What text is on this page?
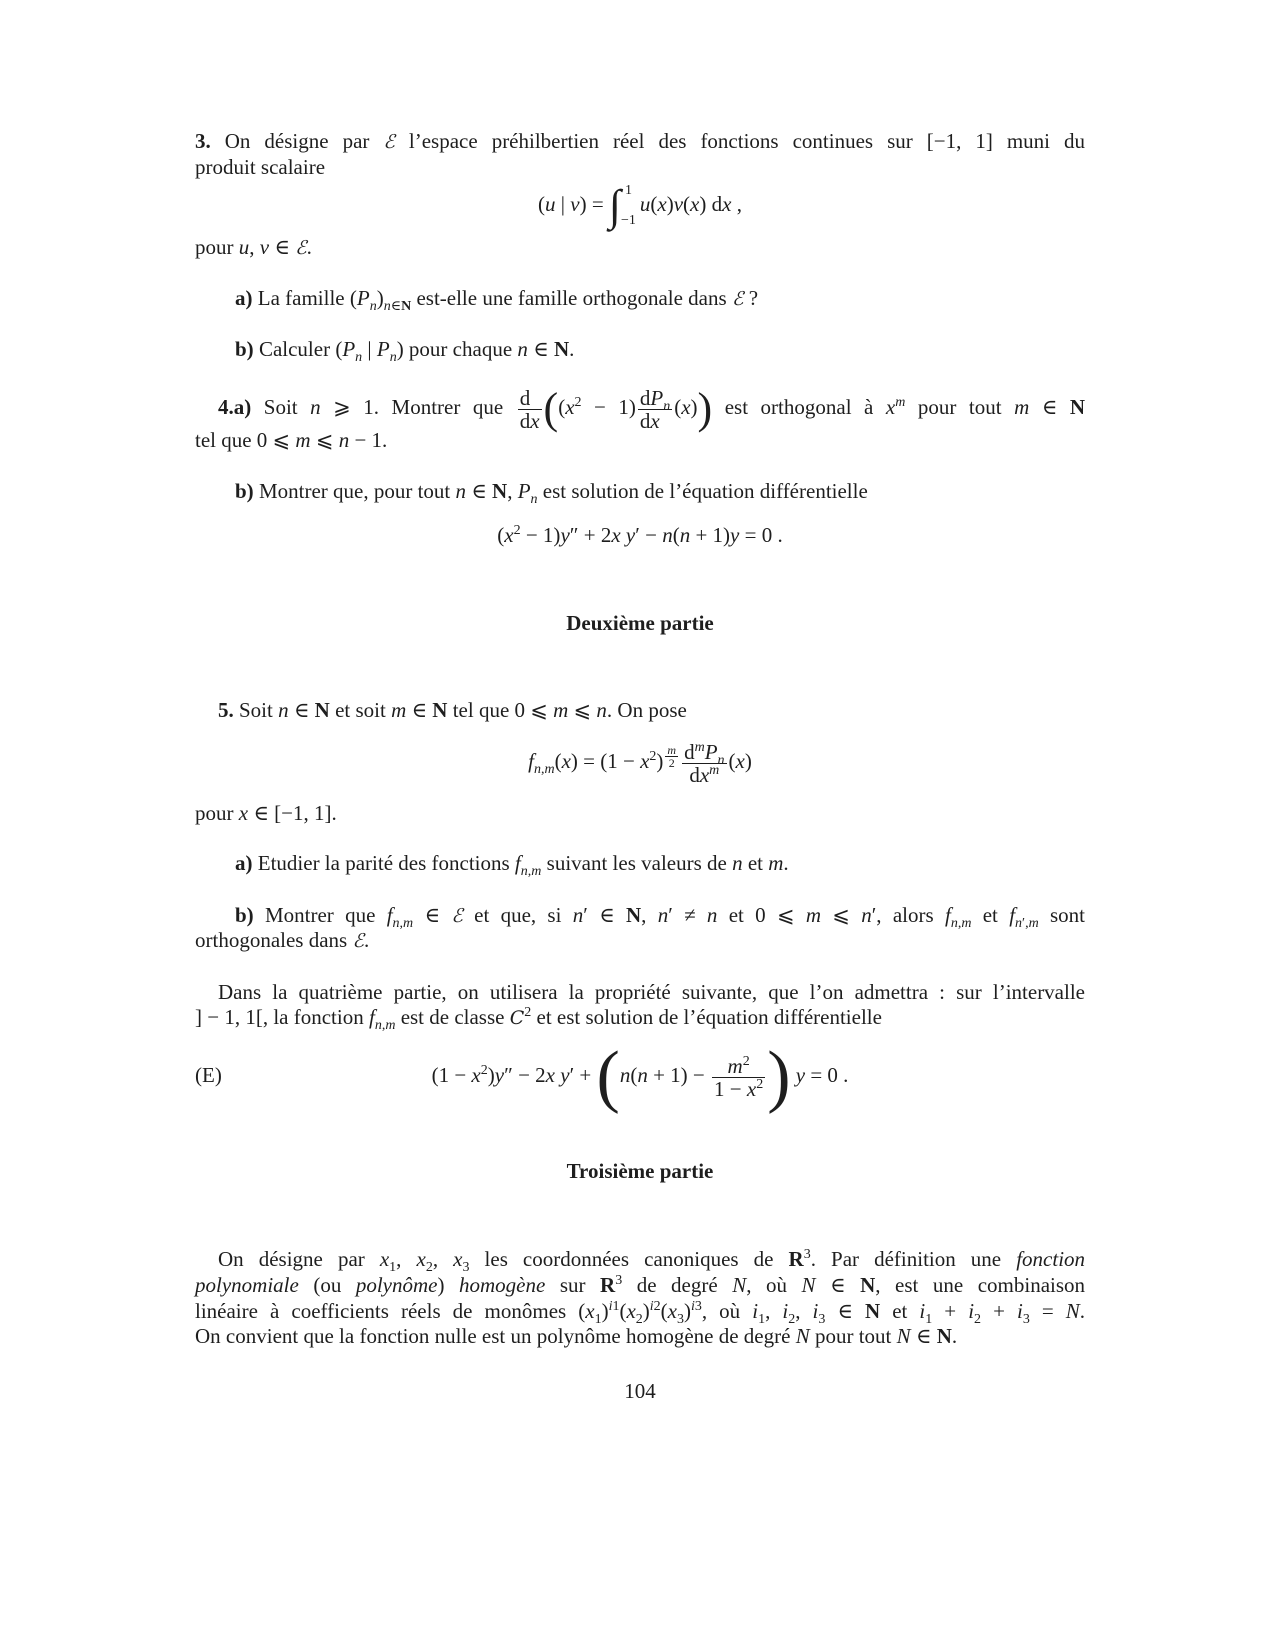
3. On désigne par ℰ l’espace préhilbertien réel des fonctions continues sur [−1, 1] muni du
produit scalaire
(u | v) = ∫ 1
−1
u(x)v(x) dx ,
pour u, v ∈ ℰ.
a) La famille $(P_n)_{n\in N}$ est-elle une famille orthogonale dans ℰ ?
b) Calculer ($P_n$ | $P_n$) pour chaque n ∈ N.
4.a) Soit n ⩾ 1. Montrer que $\frac{d}{dx} ((x^2 - 1) \frac{dP_n}{dx} (x))$ est orthogonal à $x^m$ pour tout m ∈ N
tel que 0 ⩽ m ⩽ n − 1.
b) Montrer que, pour tout n ∈ N, $P_n$ est solution de l’équation différentielle
$(x^2 - 1)y'' + 2x$ y′ − n(n + 1)y = 0 .
Deuxième partie
5. Soit n ∈ N et soit m ∈ N tel que 0 ⩽ m ⩽ n. On pose
$f_{n,m}(x) = (1 - x^2)$ $^{\frac{m}{2}} \frac{d^mP_n}{dx^m} (x)$
pour x ∈ [−1, 1].
a) Etudier la parité des fonctions $f_{n,m}$ suivant les valeurs de n et m.
b) Montrer que $f_{n,m}$ ∈ ℰ et que, si n′ ∈ N, n′ ≠ n et 0 ⩽ m ⩽ n′, alors $f_{n,m}$ et $f_{n',m}$ sont
orthogonales dans ℰ.
Dans la quatrième partie, on utilisera la propriété suivante, que l’on admettra : sur l’intervalle
] − 1, 1[, la fonction $f_{n,m}$ est de classe $C^2$ et est solution de l’équation différentielle
(E)	$(1 - x^2)y'' - 2x$ $y' + (n(n + 1) - \frac{m^2}{1 - x^2}$ ) y = 0 .
Troisième partie
On désigne par $x_1$, $x_2$, $x_3$ les coordonnées canoniques de $R^3$. Par définition une fonction
polynomiale (ou polynôme) homogène sur $R^3$ de degré N, où N ∈ N, est une combinaison
linéaire à coefficients réels de monômes $(x_1)^{i1}(x_2)^{i2}(x_3)^{i3}$, où $i_1$, $i_2$, $i_3$ ∈ N et $i_1 + i_2 + i_3 = N$.
On convient que la fonction nulle est un polynôme homogène de degré N pour tout N ∈ N.
104
